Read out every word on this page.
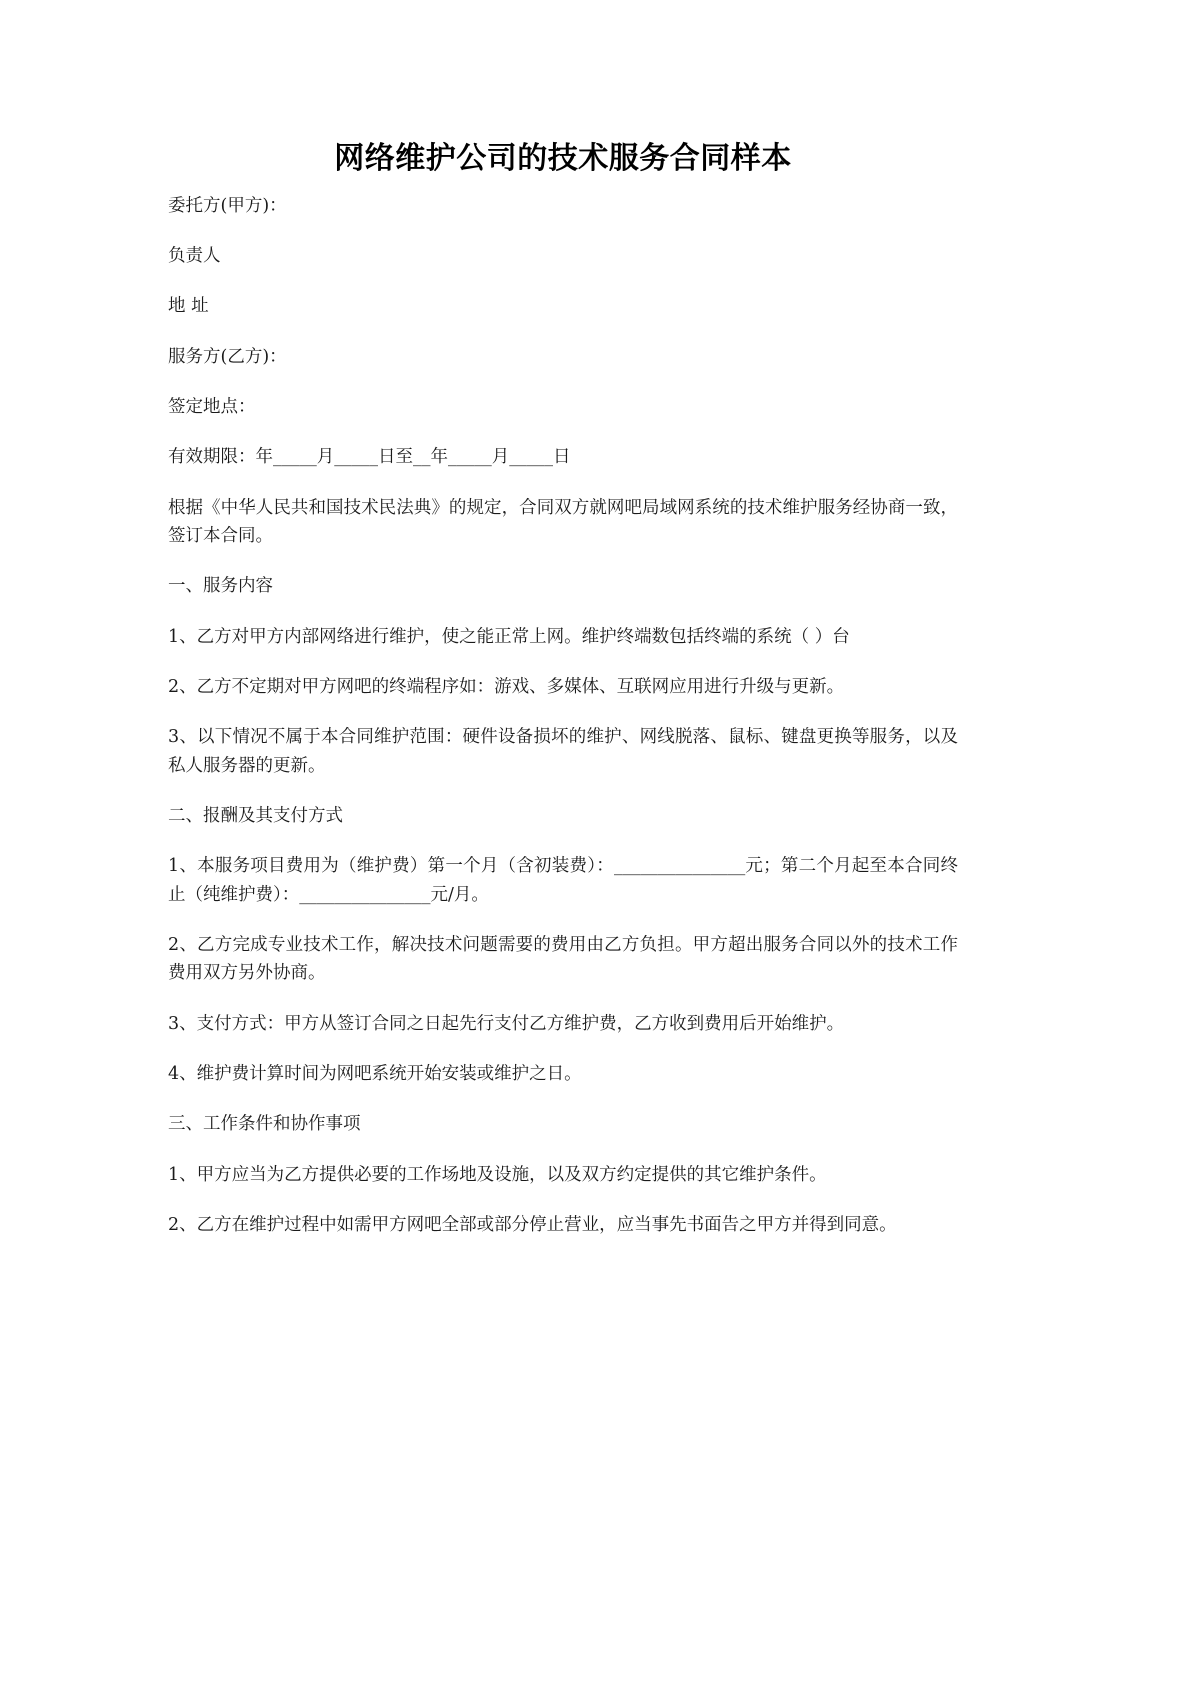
网络维护公司的技术服务合同样本

委托方(甲方)：

负责人

地 址

服务方(乙方)：

签定地点：

有效期限：年_____月_____日至__年_____月_____日

根据《中华人民共和国技术民法典》的规定，合同双方就网吧局域网系统的技术维护服务经协商一致，签订本合同。

一、服务内容

1、乙方对甲方内部网络进行维护，使之能正常上网。维护终端数包括终端的系统（ ）台

2、乙方不定期对甲方网吧的终端程序如：游戏、多媒体、互联网应用进行升级与更新。

3、以下情况不属于本合同维护范围：硬件设备损坏的维护、网线脱落、鼠标、键盘更换等服务，以及私人服务器的更新。

二、报酬及其支付方式

1、本服务项目费用为（维护费）第一个月（含初装费）：_______________元；第二个月起至本合同终止（纯维护费）：_______________元/月。

2、乙方完成专业技术工作，解决技术问题需要的费用由乙方负担。甲方超出服务合同以外的技术工作费用双方另外协商。

3、支付方式：甲方从签订合同之日起先行支付乙方维护费，乙方收到费用后开始维护。

4、维护费计算时间为网吧系统开始安装或维护之日。

三、工作条件和协作事项

1、甲方应当为乙方提供必要的工作场地及设施，以及双方约定提供的其它维护条件。

2、乙方在维护过程中如需甲方网吧全部或部分停止营业，应当事先书面告之甲方并得到同意。
